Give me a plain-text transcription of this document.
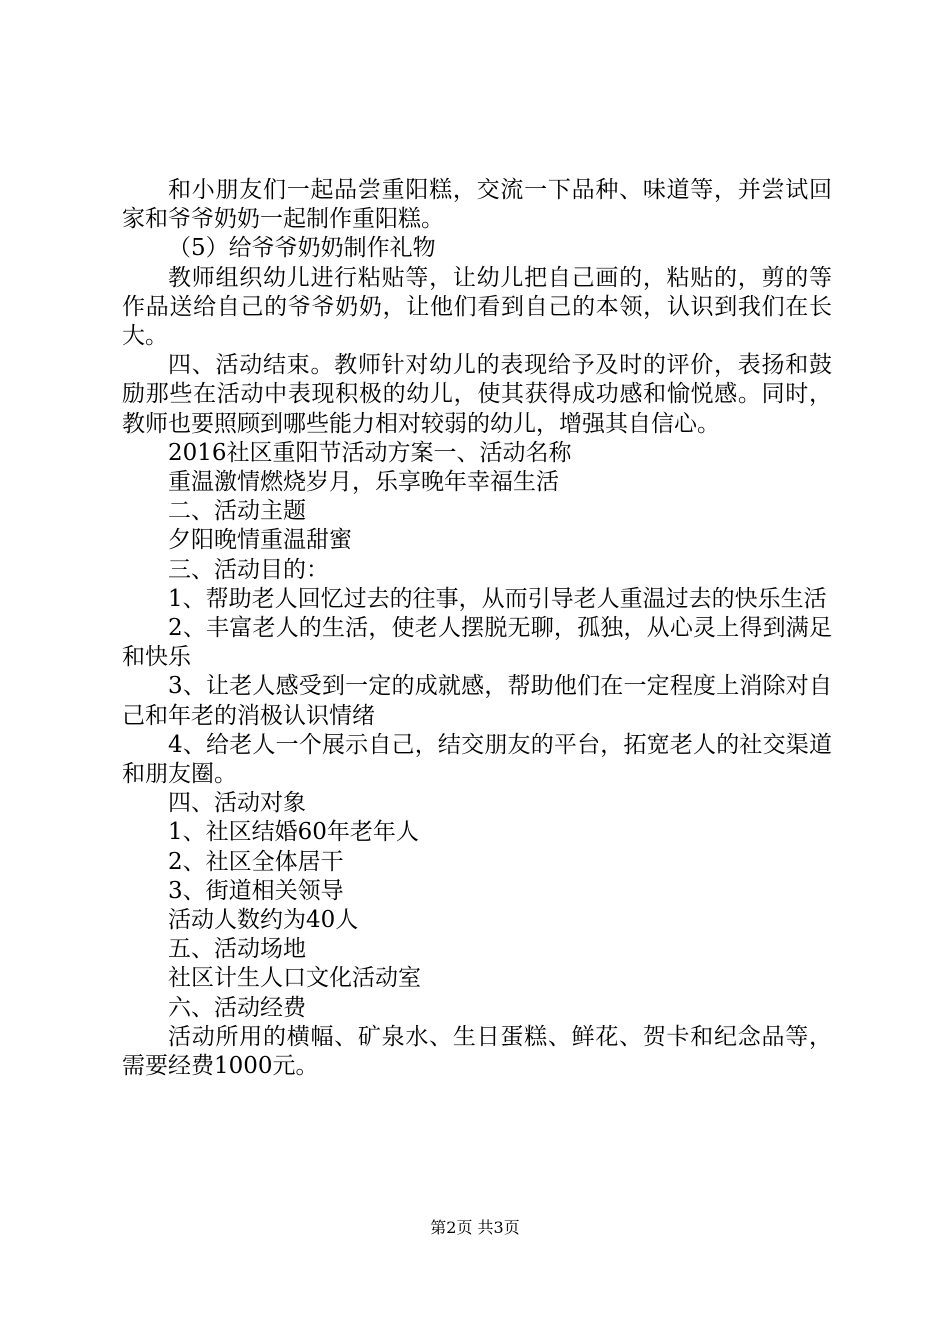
和小朋友们一起品尝重阳糕，交流一下品种、味道等，并尝试回家和爷爷奶奶一起制作重阳糕。

（5）给爷爷奶奶制作礼物

教师组织幼儿进行粘贴等，让幼儿把自己画的，粘贴的，剪的等作品送给自己的爷爷奶奶，让他们看到自己的本领，认识到我们在长大。

四、活动结束。教师针对幼儿的表现给予及时的评价，表扬和鼓励那些在活动中表现积极的幼儿，使其获得成功感和愉悦感。同时，教师也要照顾到哪些能力相对较弱的幼儿，增强其自信心。

2016社区重阳节活动方案一、活动名称

重温激情燃烧岁月，乐享晚年幸福生活

二、活动主题

夕阳晚情重温甜蜜

三、活动目的：

1、帮助老人回忆过去的往事，从而引导老人重温过去的快乐生活

2、丰富老人的生活，使老人摆脱无聊，孤独，从心灵上得到满足和快乐

3、让老人感受到一定的成就感，帮助他们在一定程度上消除对自己和年老的消极认识情绪

4、给老人一个展示自己，结交朋友的平台，拓宽老人的社交渠道和朋友圈。

四、活动对象

1、社区结婚60年老年人

2、社区全体居干

3、街道相关领导

活动人数约为40人

五、活动场地

社区计生人口文化活动室

六、活动经费

活动所用的横幅、矿泉水、生日蛋糕、鲜花、贺卡和纪念品等，需要经费1000元。

第2页 共3页
